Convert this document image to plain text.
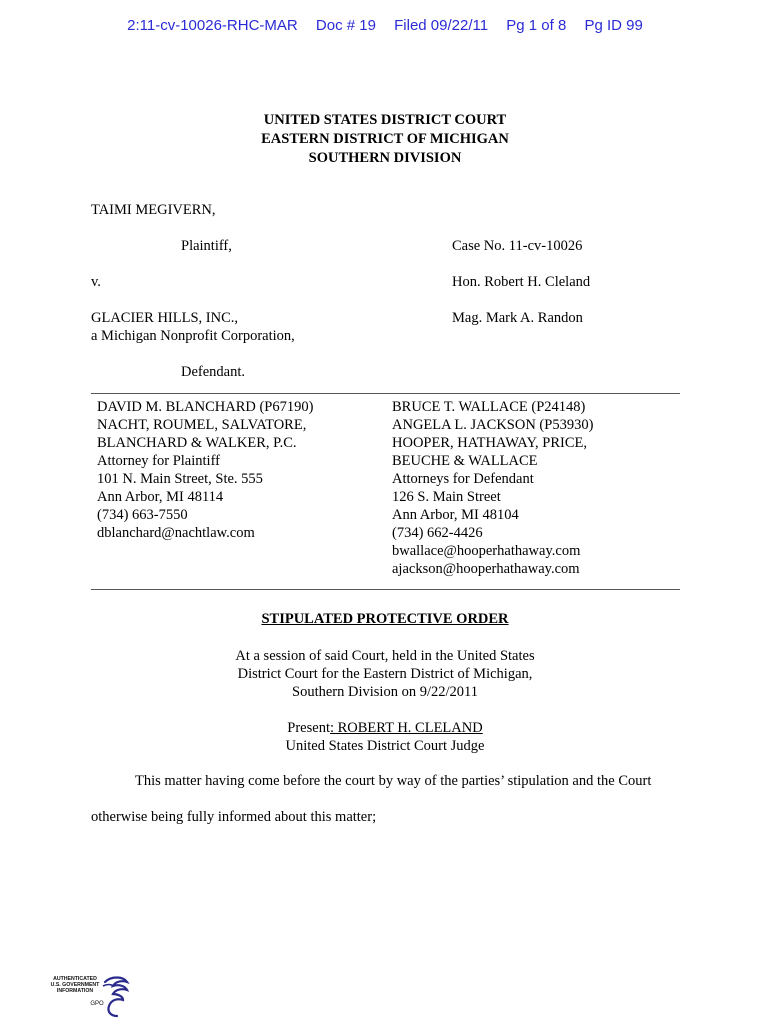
2:11-cv-10026-RHC-MAR Doc # 19 Filed 09/22/11 Pg 1 of 8 Pg ID 99
UNITED STATES DISTRICT COURT
EASTERN DISTRICT OF MICHIGAN
SOUTHERN DIVISION
TAIMI MEGIVERN,
Plaintiff,
v.
GLACIER HILLS, INC.,
a Michigan Nonprofit Corporation,
Defendant.
Case No. 11-cv-10026
Hon. Robert H. Cleland
Mag. Mark A. Randon
DAVID M. BLANCHARD (P67190)
NACHT, ROUMEL, SALVATORE,
BLANCHARD & WALKER, P.C.
Attorney for Plaintiff
101 N. Main Street, Ste. 555
Ann Arbor, MI 48114
(734) 663-7550
dblanchard@nachtlaw.com
BRUCE T. WALLACE (P24148)
ANGELA L. JACKSON (P53930)
HOOPER, HATHAWAY, PRICE,
BEUCHE & WALLACE
Attorneys for Defendant
126 S. Main Street
Ann Arbor, MI 48104
(734) 662-4426
bwallace@hooperhathaway.com
ajackson@hooperhathaway.com
STIPULATED PROTECTIVE ORDER
At a session of said Court, held in the United States
District Court for the Eastern District of Michigan,
Southern Division on 9/22/2011
Present: ROBERT H. CLELAND
United States District Court Judge
This matter having come before the court by way of the parties’ stipulation and the Court
otherwise being fully informed about this matter;
AUTHENTICATED
U.S. GOVERNMENT
INFORMATION
GPO
